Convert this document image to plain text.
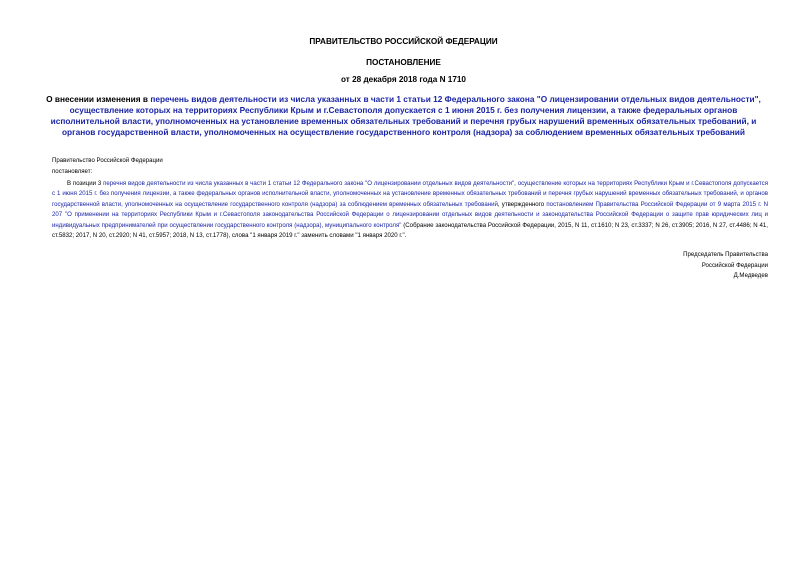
ПРАВИТЕЛЬСТВО РОССИЙСКОЙ ФЕДЕРАЦИИ
ПОСТАНОВЛЕНИЕ
от 28 декабря 2018 года N 1710
О внесении изменения в перечень видов деятельности из числа указанных в части 1 статьи 12 Федерального закона "О лицензировании отдельных видов деятельности", осуществление которых на территориях Республики Крым и г.Севастополя допускается с 1 июня 2015 г. без получения лицензии, а также федеральных органов исполнительной власти, уполномоченных на установление временных обязательных требований и перечня грубых нарушений временных обязательных требований, и органов государственной власти, уполномоченных на осуществление государственного контроля (надзора) за соблюдением временных обязательных требований
Правительство Российской Федерации
постановляет:
В позиции 3 перечня видов деятельности из числа указанных в части 1 статьи 12 Федерального закона "О лицензировании отдельных видов деятельности", осуществление которых на территориях Республики Крым и г.Севастополя допускается с 1 июня 2015 г. без получения лицензии, а также федеральных органов исполнительной власти, уполномоченных на установление временных обязательных требований и перечня грубых нарушений временных обязательных требований, и органов государственной власти, уполномоченных на осуществление государственного контроля (надзора) за соблюдением временных обязательных требований, утвержденного постановлением Правительства Российской Федерации от 9 марта 2015 г. N 207 "О применении на территориях Республики Крым и г.Севастополя законодательства Российской Федерации о лицензировании отдельных видов деятельности и законодательства Российской Федерации о защите прав юридических лиц и индивидуальных предпринимателей при осуществлении государственного контроля (надзора), муниципального контроля" (Собрание законодательства Российской Федерации, 2015, N 11, ст.1610; N 23, ст.3337; N 26, ст.3905; 2016, N 27, ст.4486; N 41, ст.5832; 2017, N 20, ст.2920; N 41, ст.5957; 2018, N 13, ст.1778), слова "1 января 2019 г." заменить словами "1 января 2020 г.".
Председатель Правительства
Российской Федерации
Д.Медведев
